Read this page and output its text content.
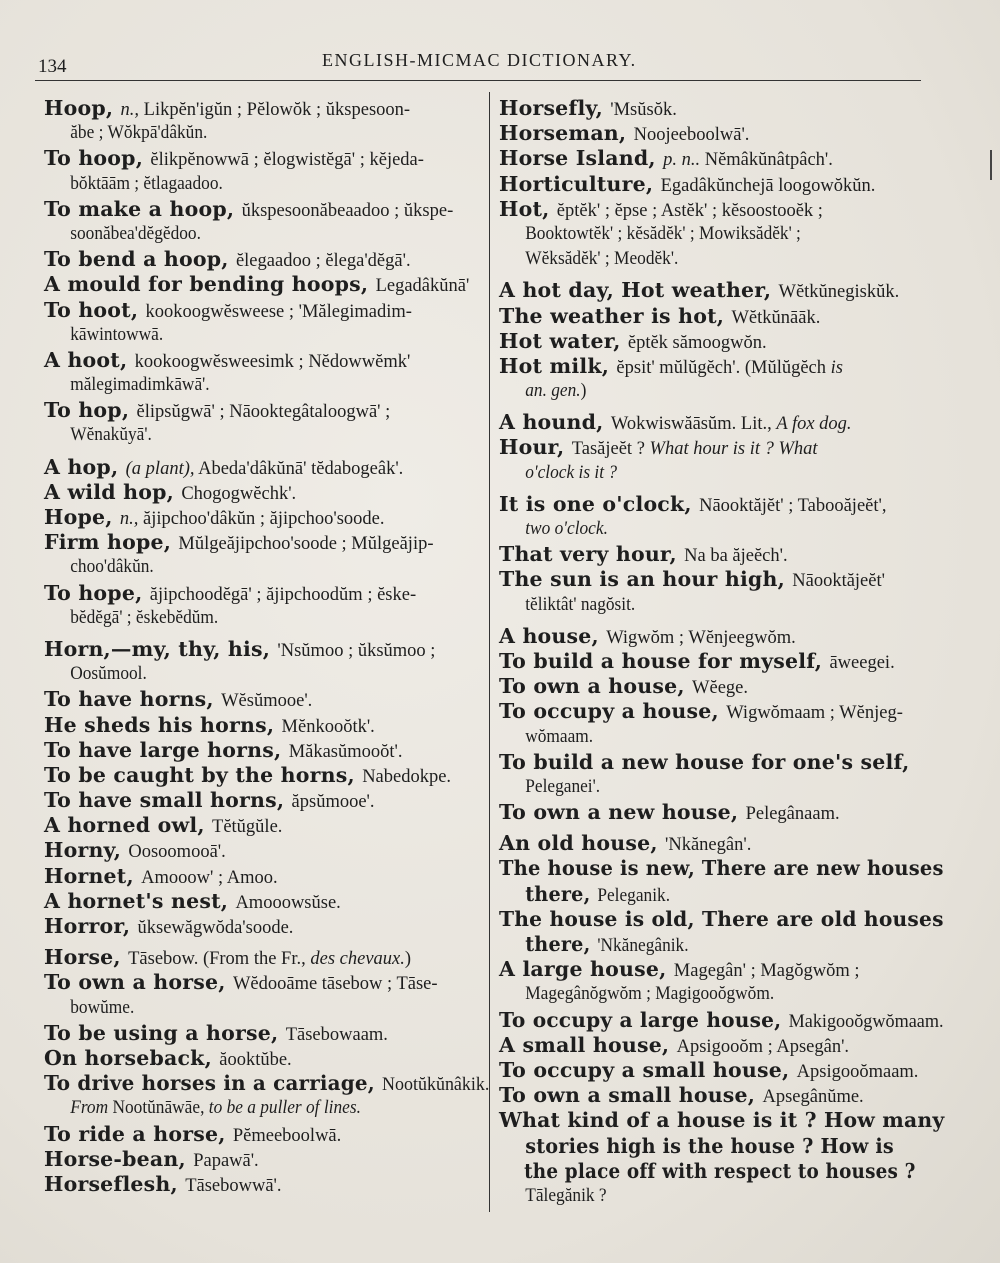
134	ENGLISH-MICMAC DICTIONARY.
Hoop, n., Likpĕn'igŭn ; Pĕlowŏk ; ŭkspesoon-
ăbe ; Wŏkpā'dâkŭn.
To hoop, ĕlikpĕnowwā ; ĕlogwistĕgā' ; kĕjeda-
bŏktāām ; ĕtlagaadoo.
To make a hoop, ŭkspesoonăbeaadoo ; ŭkspe-
soonăbea'dĕgĕdoo.
To bend a hoop, ĕlegaadoo ; ĕlega'dĕgā'.
A mould for bending hoops, Legadâkŭnā'
To hoot, kookoogwĕsweese ; 'Mălegimadim-
kāwintowwā.
A hoot, kookoogwĕsweesimk ; Nĕdowwĕmk'
mălegimadimkāwā'.
To hop, ĕlipsŭgwā' ; Nāooktegâtaloogwā' ;
Wĕnakŭyā'.
A hop, (a plant), Abeda'dâkŭnā' tĕdabogeâk'.
A wild hop, Chogogwĕchk'.
Hope, n., ăjipchoo'dâkŭn ; ăjipchoo'soode.
Firm hope, Mŭlgeăjipchoo'soode ; Mŭlgeăjip-
choo'dâkŭn.
To hope, ăjipchoodĕgā' ; ăjipchoodŭm ; ĕske-
bĕdĕgā' ; ĕskebĕdŭm.
Horn,—my, thy, his, 'Nsŭmoo ; ŭksŭmoo ;
Oosŭmool.
To have horns, Wĕsŭmooe'.
He sheds his horns, Mĕnkooŏtk'.
To have large horns, Măkasŭmooŏt'.
To be caught by the horns, Nabedokpe.
To have small horns, ăpsŭmooe'.
A horned owl, Tĕtŭgŭle.
Horny, Oosoomooā'.
Hornet, Amooow' ; Amoo.
A hornet's nest, Amooowsŭse.
Horror, ŭksewăgwŏda'soode.
Horse, Tāsebow. (From the Fr., des chevaux.)
To own a horse, Wĕdooāme tāsebow ; Tāse-
bowŭme.
To be using a horse, Tāsebowaam.
On horseback, ăooktŭbe.
To drive horses in a carriage, Nootŭkŭnâkik.
From Nootŭnāwāe, to be a puller of lines.
To ride a horse, Pĕmeeboolwā.
Horse-bean, Papawā'.
Horseflesh, Tāsebowwā'.
Horsefly, 'Msŭsŏk.
Horseman, Noojeeboolwā'.
Horse Island, p. n.. Nĕmâkŭnâtpâch'.
Horticulture, Egadâkŭnchejā loogowŏkŭn.
Hot, ĕptĕk' ; ĕpse ; Astĕk' ; kĕsoostooĕk ;
Booktowtĕk' ; kĕsădĕk' ; Mowiksădĕk' ;
Wĕksădĕk' ; Meodĕk'.
A hot day, Hot weather, Wĕtkŭnegiskŭk.
The weather is hot, Wĕtkŭnāāk.
Hot water, ĕptĕk sămoogwŏn.
Hot milk, ĕpsit' mŭlŭgĕch'. (Mŭlŭgĕch is
an. gen.)
A hound, Wokwiswăāsŭm. Lit., A fox dog.
Hour, Tasăjeĕt ? What hour is it ? What
o'clock is it ?
It is one o'clock, Nāooktăjĕt' ; Tabooăjeĕt',
two o'clock.
That very hour, Na ba ăjeĕch'.
The sun is an hour high, Nāooktăjeĕt'
tĕliktât' nagŏsit.
A house, Wigwŏm ; Wĕnjeegwŏm.
To build a house for myself, āweegei.
To own a house, Wĕege.
To occupy a house, Wigwŏmaam ; Wĕnjeg-
wŏmaam.
To build a new house for one's self,
Peleganei'.
To own a new house, Pelegânaam.
An old house, 'Nkănegân'.
The house is new, There are new houses
there, Peleganik.
The house is old, There are old houses
there, 'Nkănegânik.
A large house, Magegân' ; Magŏgwŏm ;
Magegânŏgwŏm ; Magigooŏgwŏm.
To occupy a large house, Makigooŏgwŏmaam.
A small house, Apsigooŏm ; Apsegân'.
To occupy a small house, Apsigooŏmaam.
To own a small house, Apsegânŭme.
What kind of a house is it ? How many
stories high is the house ? How is
the place off with respect to houses ?
Tālegănik ?
